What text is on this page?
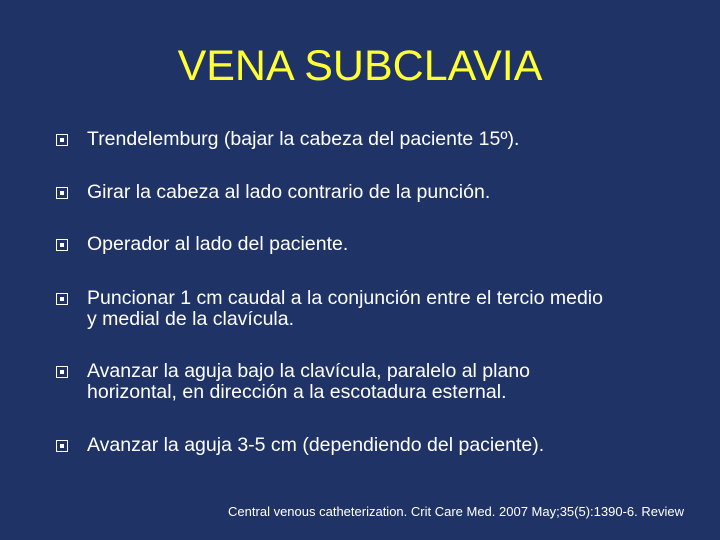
VENA SUBCLAVIA
Trendelemburg (bajar la cabeza del paciente 15º).
Girar la cabeza al lado contrario de la punción.
Operador al lado del paciente.
Puncionar 1 cm caudal a la conjunción entre el tercio medio
y medial de la clavícula.
Avanzar la aguja bajo la clavícula, paralelo al plano
horizontal, en dirección a la escotadura esternal.
Avanzar la aguja 3-5 cm (dependiendo del paciente).
Central venous catheterization. Crit Care Med. 2007 May;35(5):1390-6. Review
